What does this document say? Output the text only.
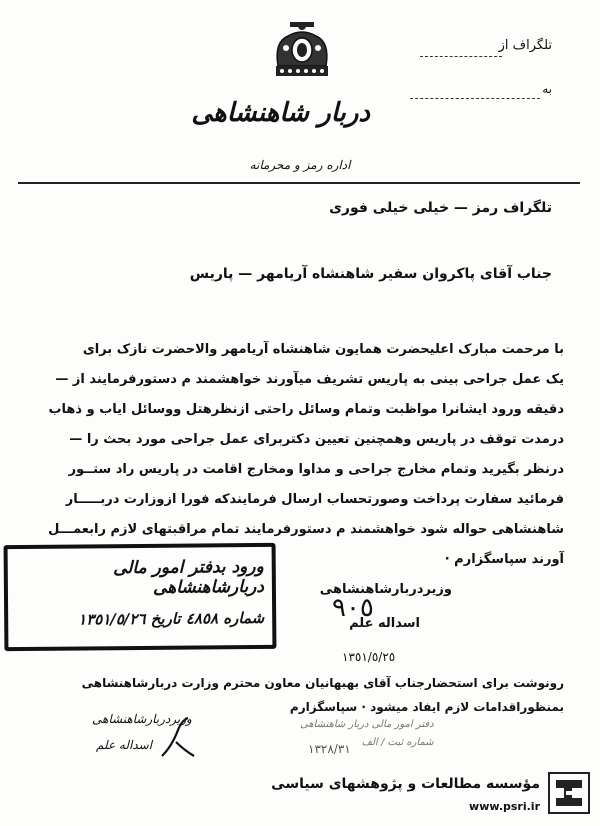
دربار شاهنشاهی
اداره رمز و محرمانه
تلگراف از
به
تلگراف رمز — خیلی خیلی فوری
جناب آقای پاکروان سفیر شاهنشاه آریامهر — پاریس
با مرحمت مبارک اعلیحضرت همایون شاهنشاه آریامهر والاحضرت نازک برای
یک عمل جراحی بینی به پاریس تشریف میآورند خواهشمند م دستورفرمایند از —
دقیقه ورود ایشانرا مواظبت وتمام وسائل راحتی ازنظرهتل ووسائل ایاب و ذهاب
درمدت توقف در پاریس وهمچنین تعیین دکتربرای عمل جراحی مورد بحث را —
درنظر بگیرید وتمام مخارج جراحی و مداوا ومخارج اقامت در پاریس راد ستــور
فرمائید سفارت پرداخت وصورتحساب ارسال فرمایندکه فورا ازوزارت دربـــــار
شاهنشاهی حواله شود خواهشمند م دستورفرمایند تمام مراقبتهای لازم رابعمـــل
آورند سپاسگزارم ·
وزیردربارشاهنشاهی
٩٠٥
اسداله علم
١٣٥١/٥/٢٥
رونوشت برای استحضارجناب آقای بهبهانیان معاون محترم وزارت دربارشاهنشاهی
بمنظوراقدامات لازم ایفاد میشود · سپاسگزارم
ورود بدفتر امور مالی دربارشاهنشاهی
شماره ٤٨٥٨ تاریخ ١٣٥١/٥/٢٦
وزیردربارشاهنشاهی
اسداله علم
دفتر امور مالی دربار شاهنشاهی
شماره ثبت / الف
١٣٢٨/٣١
مؤسسه مطالعات و پژوهشهای سیاسی
www.psri.ir
